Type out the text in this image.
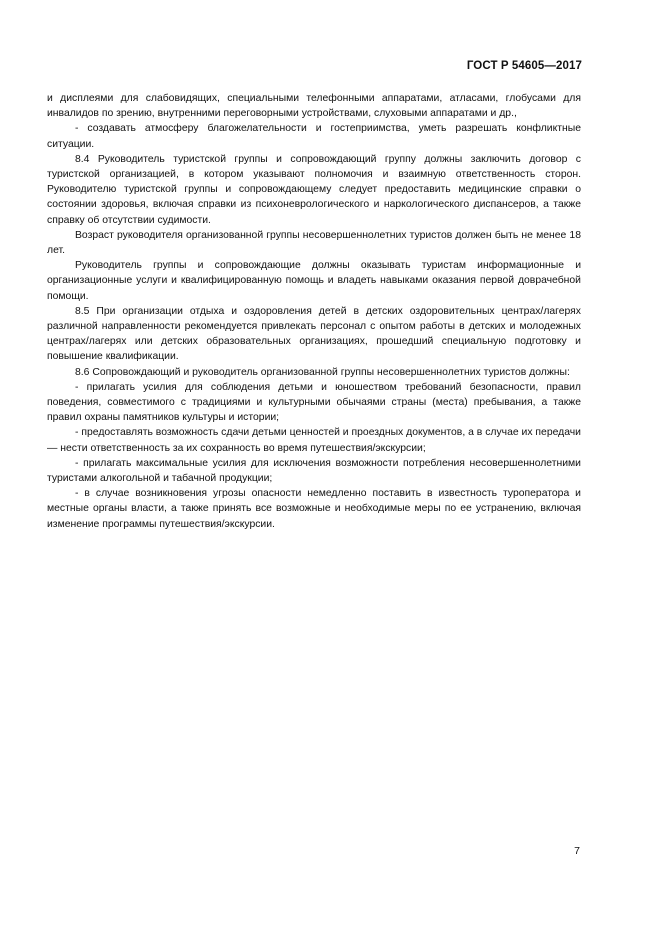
ГОСТ Р 54605—2017

и дисплеями для слабовидящих, специальными телефонными аппаратами, атласами, глобусами для инвалидов по зрению, внутренними переговорными устройствами, слуховыми аппаратами и др.,

- создавать атмосферу благожелательности и гостеприимства, уметь разрешать конфликтные ситуации.

8.4 Руководитель туристской группы и сопровождающий группу должны заключить договор с туристской организацией, в котором указывают полномочия и взаимную ответственность сторон. Руководителю туристской группы и сопровождающему следует предоставить медицинские справки о состоянии здоровья, включая справки из психоневрологического и наркологического диспансеров, а также справку об отсутствии судимости.

Возраст руководителя организованной группы несовершеннолетних туристов должен быть не менее 18 лет.

Руководитель группы и сопровождающие должны оказывать туристам информационные и организационные услуги и квалифицированную помощь и владеть навыками оказания первой доврачебной помощи.

8.5 При организации отдыха и оздоровления детей в детских оздоровительных центрах/лагерях различной направленности рекомендуется привлекать персонал с опытом работы в детских и молодежных центрах/лагерях или детских образовательных организациях, прошедший специальную подготовку и повышение квалификации.

8.6 Сопровождающий и руководитель организованной группы несовершеннолетних туристов должны:

- прилагать усилия для соблюдения детьми и юношеством требований безопасности, правил поведения, совместимого с традициями и культурными обычаями страны (места) пребывания, а также правил охраны памятников культуры и истории;

- предоставлять возможность сдачи детьми ценностей и проездных документов, а в случае их передачи — нести ответственность за их сохранность во время путешествия/экскурсии;

- прилагать максимальные усилия для исключения возможности потребления несовершеннолетними туристами алкогольной и табачной продукции;

- в случае возникновения угрозы опасности немедленно поставить в известность туроператора и местные органы власти, а также принять все возможные и необходимые меры по ее устранению, включая изменение программы путешествия/экскурсии.

7
